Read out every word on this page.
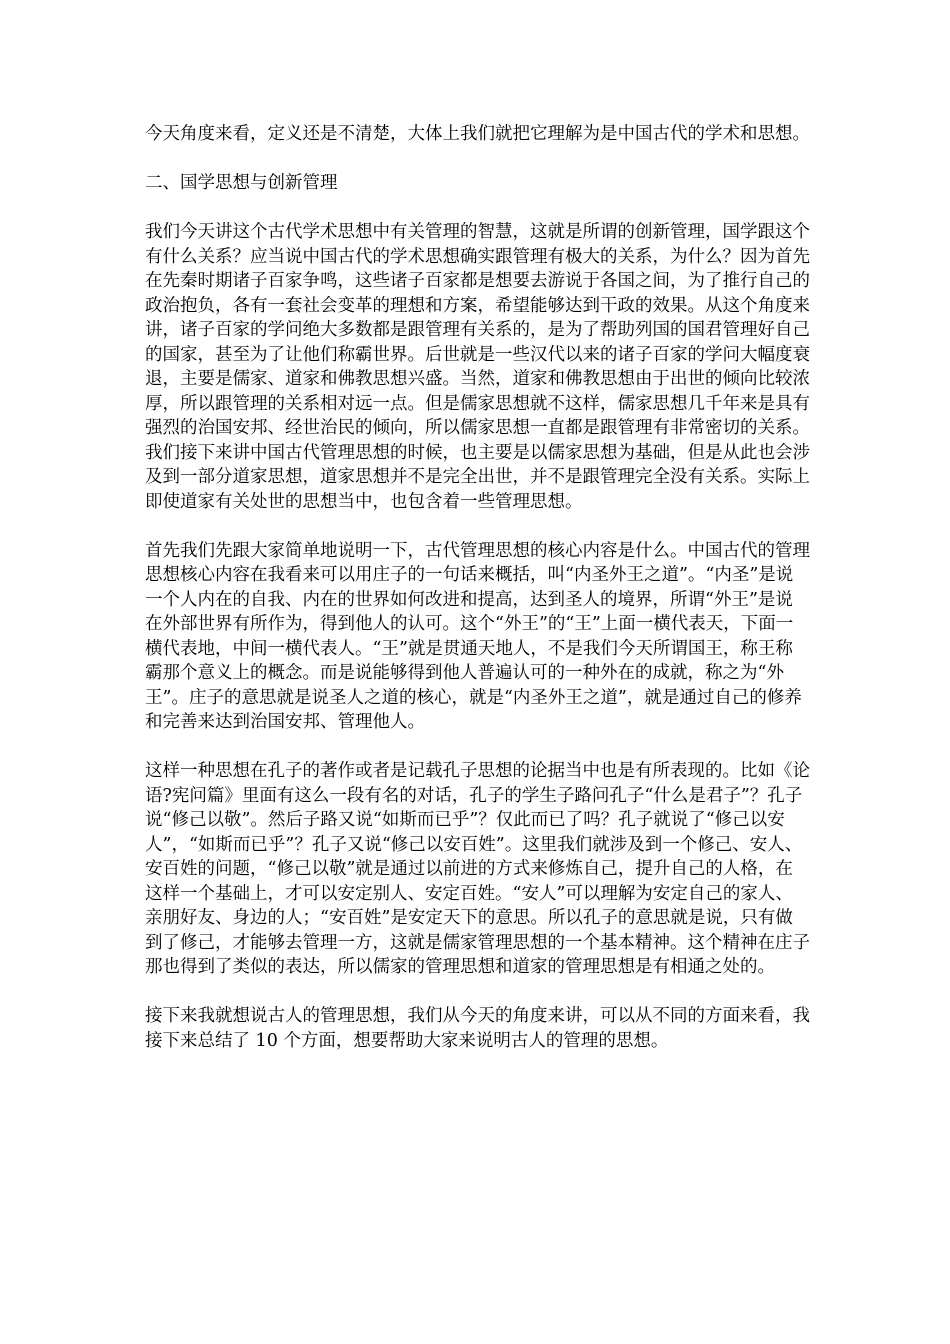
今天角度来看，定义还是不清楚，大体上我们就把它理解为是中国古代的学术和思想。

二、国学思想与创新管理

我们今天讲这个古代学术思想中有关管理的智慧，这就是所谓的创新管理，国学跟这个有什么关系？应当说中国古代的学术思想确实跟管理有极大的关系，为什么？因为首先在先秦时期诸子百家争鸣，这些诸子百家都是想要去游说于各国之间，为了推行自己的政治抱负，各有一套社会变革的理想和方案，希望能够达到干政的效果。从这个角度来讲，诸子百家的学问绝大多数都是跟管理有关系的，是为了帮助列国的国君管理好自己的国家，甚至为了让他们称霸世界。后世就是一些汉代以来的诸子百家的学问大幅度衰退，主要是儒家、道家和佛教思想兴盛。当然，道家和佛教思想由于出世的倾向比较浓厚，所以跟管理的关系相对远一点。但是儒家思想就不这样，儒家思想几千年来是具有强烈的治国安邦、经世治民的倾向，所以儒家思想一直都是跟管理有非常密切的关系。我们接下来讲中国古代管理思想的时候，也主要是以儒家思想为基础，但是从此也会涉及到一部分道家思想，道家思想并不是完全出世，并不是跟管理完全没有关系。实际上即使道家有关处世的思想当中，也包含着一些管理思想。

首先我们先跟大家简单地说明一下，古代管理思想的核心内容是什么。中国古代的管理思想核心内容在我看来可以用庄子的一句话来概括，叫“内圣外王之道”。“内圣”是说一个人内在的自我、内在的世界如何改进和提高，达到圣人的境界，所谓“外王”是说在外部世界有所作为，得到他人的认可。这个“外王”的“王”上面一横代表天，下面一横代表地，中间一横代表人。“王”就是贯通天地人，不是我们今天所谓国王，称王称霸那个意义上的概念。而是说能够得到他人普遍认可的一种外在的成就，称之为“外王”。庄子的意思就是说圣人之道的核心，就是“内圣外王之道”，就是通过自己的修养和完善来达到治国安邦、管理他人。

这样一种思想在孔子的著作或者是记载孔子思想的论据当中也是有所表现的。比如《论语?宪问篇》里面有这么一段有名的对话，孔子的学生子路问孔子“什么是君子”？孔子说“修己以敬”。然后子路又说“如斯而已乎”？仅此而已了吗？孔子就说了“修己以安人”，“如斯而已乎”？孔子又说“修己以安百姓”。这里我们就涉及到一个修己、安人、安百姓的问题，“修己以敬”就是通过以前进的方式来修炼自己，提升自己的人格，在这样一个基础上，才可以安定别人、安定百姓。“安人”可以理解为安定自己的家人、亲朋好友、身边的人；“安百姓”是安定天下的意思。所以孔子的意思就是说，只有做到了修己，才能够去管理一方，这就是儒家管理思想的一个基本精神。这个精神在庄子那也得到了类似的表达，所以儒家的管理思想和道家的管理思想是有相通之处的。

接下来我就想说古人的管理思想，我们从今天的角度来讲，可以从不同的方面来看，我接下来总结了 10 个方面，想要帮助大家来说明古人的管理的思想。
